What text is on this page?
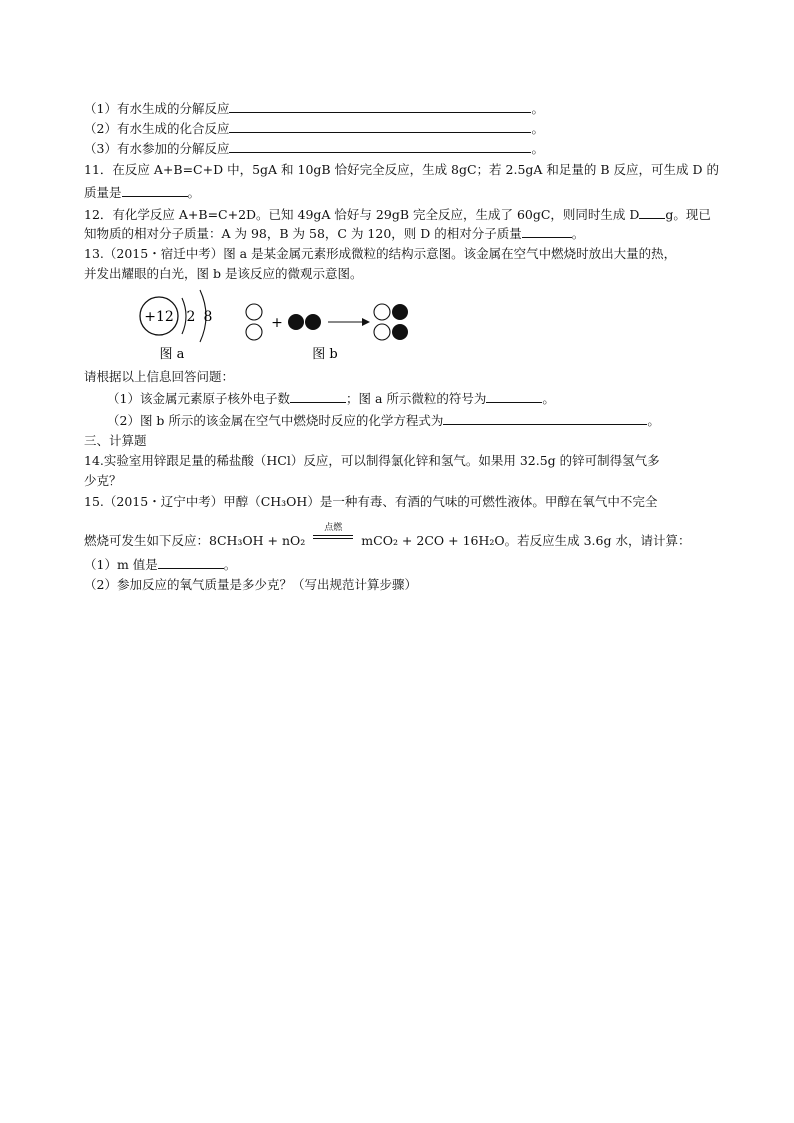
（1）有水生成的分解反应	。
（2）有水生成的化合反应	。
（3）有水参加的分解反应	。
11．在反应 A+B=C+D 中，5gA 和 10gB 恰好完全反应，生成 8gC；若 2.5gA 和足量的 B 反应，可生成 D 的
质量是	。
12．有化学反应 A+B=C+2D。已知 49gA 恰好与 29gB 完全反应，生成了 60gC，则同时生成 D g。现已
知物质的相对分子质量：A 为 98，B 为 58，C 为 120，则 D 的相对分子质量	。
13.（2015・宿迁中考）图 a 是某金属元素形成微粒的结构示意图。该金属在空气中燃烧时放出大量的热，
并发出耀眼的白光，图 b 是该反应的微观示意图。
+12 2 8
图 a
+
图 b
请根据以上信息回答问题：
（1）该金属元素原子核外电子数	；图 a 所示微粒的符号为	。
（2）图 b 所示的该金属在空气中燃烧时反应的化学方程式为	。
三、计算题
14.实验室用锌跟足量的稀盐酸（HCl）反应，可以制得氯化锌和氢气。如果用 32.5g 的锌可制得氢气多
少克？
15.（2015・辽宁中考）甲醇（CH₃OH）是一种有毒、有酒的气味的可燃性液体。甲醇在氧气中不完全
燃烧可发生如下反应：8CH₃OH + nO₂
点燃
mCO₂ + 2CO + 16H₂O。若反应生成 3.6g 水，请计算：
（1）m 值是	。
（2）参加反应的氧气质量是多少克？（写出规范计算步骤）
